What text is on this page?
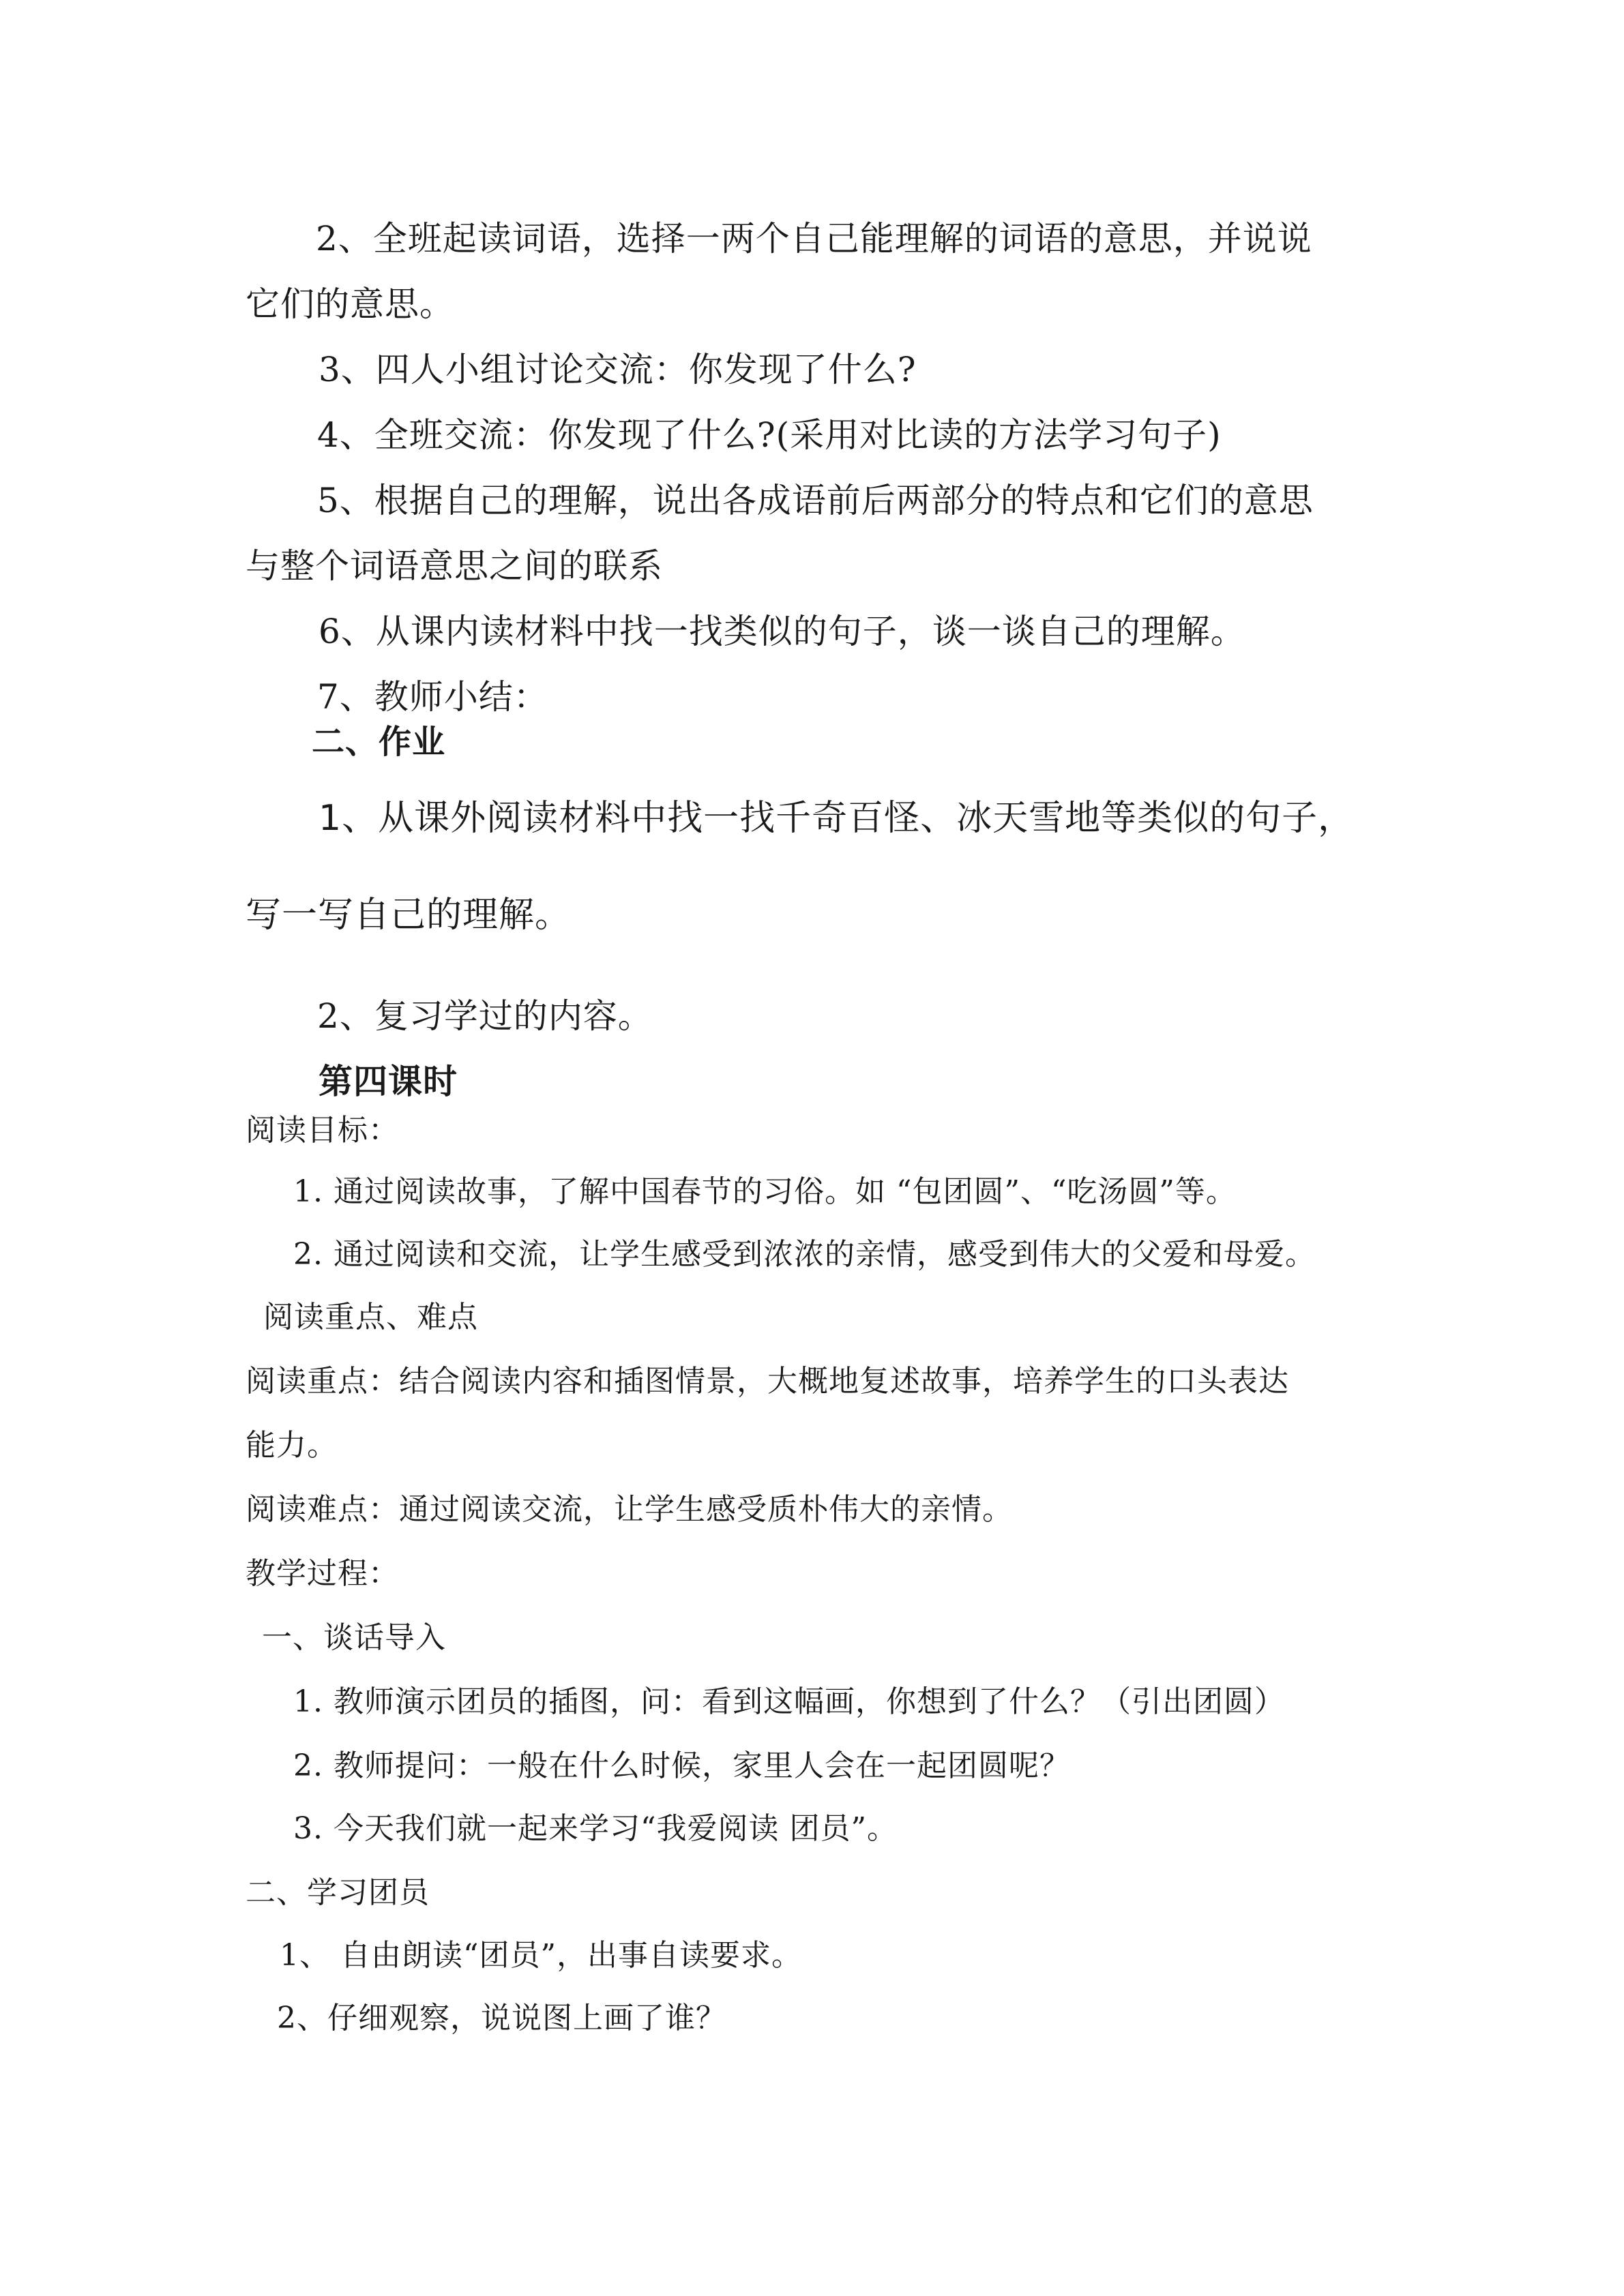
2、全班起读词语，选择一两个自己能理解的词语的意思，并说说
它们的意思。
3、四人小组讨论交流：你发现了什么?
4、全班交流：你发现了什么?(采用对比读的方法学习句子)
5、根据自己的理解，说出各成语前后两部分的特点和它们的意思
与整个词语意思之间的联系
6、从课内读材料中找一找类似的句子，谈一谈自己的理解。
7、教师小结：
二、作业
1、从课外阅读材料中找一找千奇百怪、冰天雪地等类似的句子，
写一写自己的理解。
2、复习学过的内容。
第四课时
阅读目标：
1. 通过阅读故事，了解中国春节的习俗。如 “包团圆”、“吃汤圆”等。
2. 通过阅读和交流，让学生感受到浓浓的亲情，感受到伟大的父爱和母爱。
阅读重点、难点
阅读重点：结合阅读内容和插图情景，大概地复述故事，培养学生的口头表达
能力。
阅读难点：通过阅读交流，让学生感受质朴伟大的亲情。
教学过程：
一、谈话导入
1. 教师演示团员的插图，问：看到这幅画，你想到了什么？（引出团圆）
2. 教师提问：一般在什么时候，家里人会在一起团圆呢？
3. 今天我们就一起来学习“我爱阅读 团员”。
二、学习团员
1、 自由朗读“团员”，出事自读要求。
2、仔细观察，说说图上画了谁？
